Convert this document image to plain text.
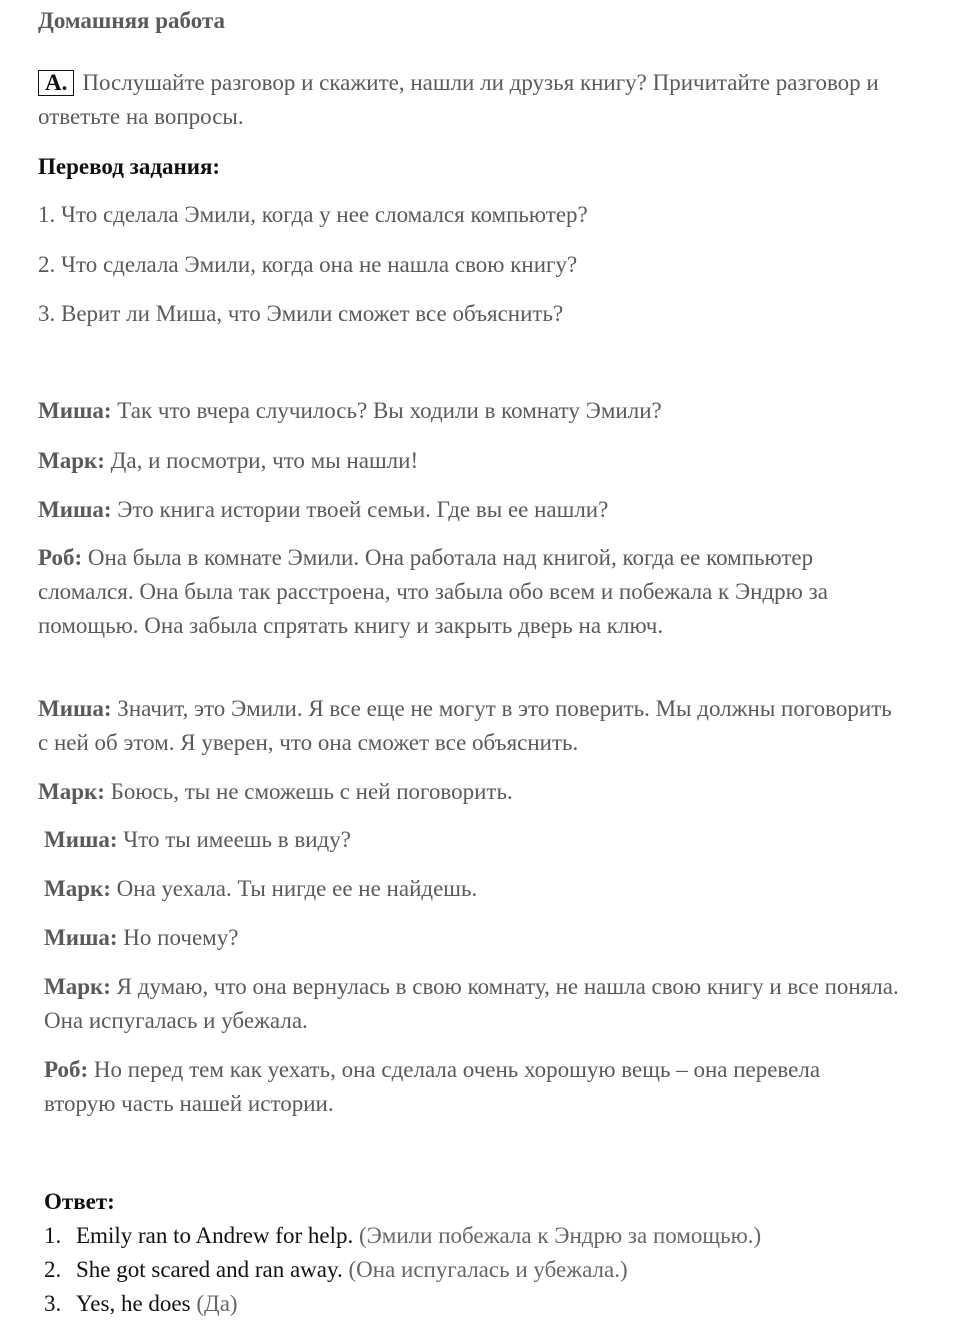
Домашняя работа
А. Послушайте разговор и скажите, нашли ли друзья книгу? Причитайте разговор и ответьте на вопросы.
Перевод задания:
1. Что сделала Эмили, когда у нее сломался компьютер?
2. Что сделала Эмили, когда она не нашла свою книгу?
3. Верит ли Миша, что Эмили сможет все объяснить?
Миша: Так что вчера случилось? Вы ходили в комнату Эмили?
Марк: Да, и посмотри, что мы нашли!
Миша: Это книга истории твоей семьи. Где вы ее нашли?
Роб: Она была в комнате Эмили. Она работала над книгой, когда ее компьютер сломался. Она была так расстроена, что забыла обо всем и побежала к Эндрю за помощью. Она забыла спрятать книгу и закрыть дверь на ключ.
Миша: Значит, это Эмили. Я все еще не могут в это поверить. Мы должны поговорить с ней об этом. Я уверен, что она сможет все объяснить.
Марк: Боюсь, ты не сможешь с ней поговорить.
Миша: Что ты имеешь в виду?
Марк: Она уехала. Ты нигде ее не найдешь.
Миша: Но почему?
Марк: Я думаю, что она вернулась в свою комнату, не нашла свою книгу и все поняла. Она испугалась и убежала.
Роб: Но перед тем как уехать, она сделала очень хорошую вещь – она перевела вторую часть нашей истории.
Ответ:
1. Emily ran to Andrew for help. (Эмили побежала к Эндрю за помощью.)
2. She got scared and ran away. (Она испугалась и убежала.)
3. Yes, he does (Да)
